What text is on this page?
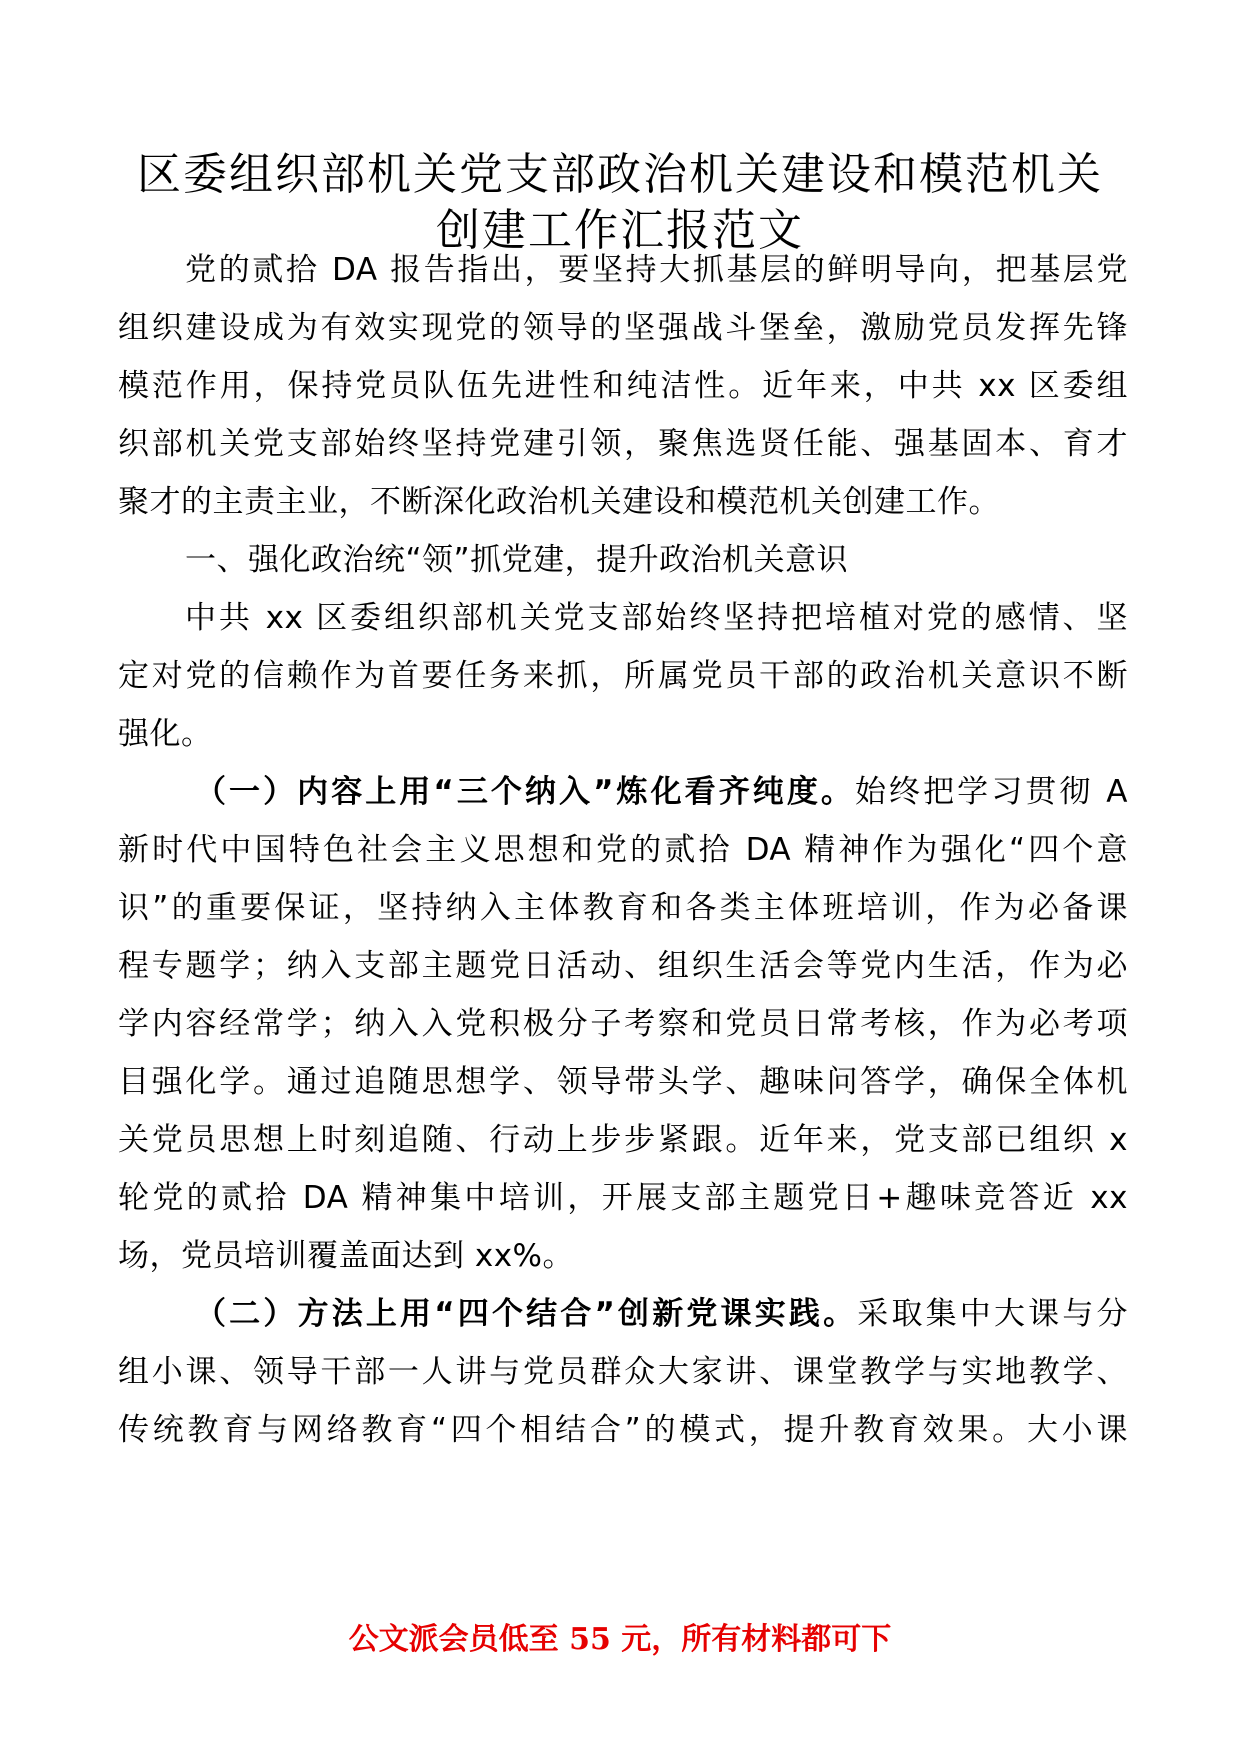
区委组织部机关党支部政治机关建设和模范机关
创建工作汇报范文
党的贰拾 DA 报告指出，要坚持大抓基层的鲜明导向，把基层党
组织建设成为有效实现党的领导的坚强战斗堡垒，激励党员发挥先锋
模范作用，保持党员队伍先进性和纯洁性。近年来，中共 xx 区委组
织部机关党支部始终坚持党建引领，聚焦选贤任能、强基固本、育才
聚才的主责主业，不断深化政治机关建设和模范机关创建工作。
一、强化政治统“领”抓党建，提升政治机关意识
中共 xx 区委组织部机关党支部始终坚持把培植对党的感情、坚
定对党的信赖作为首要任务来抓，所属党员干部的政治机关意识不断
强化。
（一）内容上用“三个纳入”炼化看齐纯度。始终把学习贯彻 A
新时代中国特色社会主义思想和党的贰拾 DA 精神作为强化“四个意
识”的重要保证，坚持纳入主体教育和各类主体班培训，作为必备课
程专题学；纳入支部主题党日活动、组织生活会等党内生活，作为必
学内容经常学；纳入入党积极分子考察和党员日常考核，作为必考项
目强化学。通过追随思想学、领导带头学、趣味问答学，确保全体机
关党员思想上时刻追随、行动上步步紧跟。近年来，党支部已组织 x
轮党的贰拾 DA 精神集中培训，开展支部主题党日+趣味竞答近 xx
场，党员培训覆盖面达到 xx%。
（二）方法上用“四个结合”创新党课实践。采取集中大课与分
组小课、领导干部一人讲与党员群众大家讲、课堂教学与实地教学、
传统教育与网络教育“四个相结合”的模式，提升教育效果。大小课
公文派会员低至 55 元，所有材料都可下
